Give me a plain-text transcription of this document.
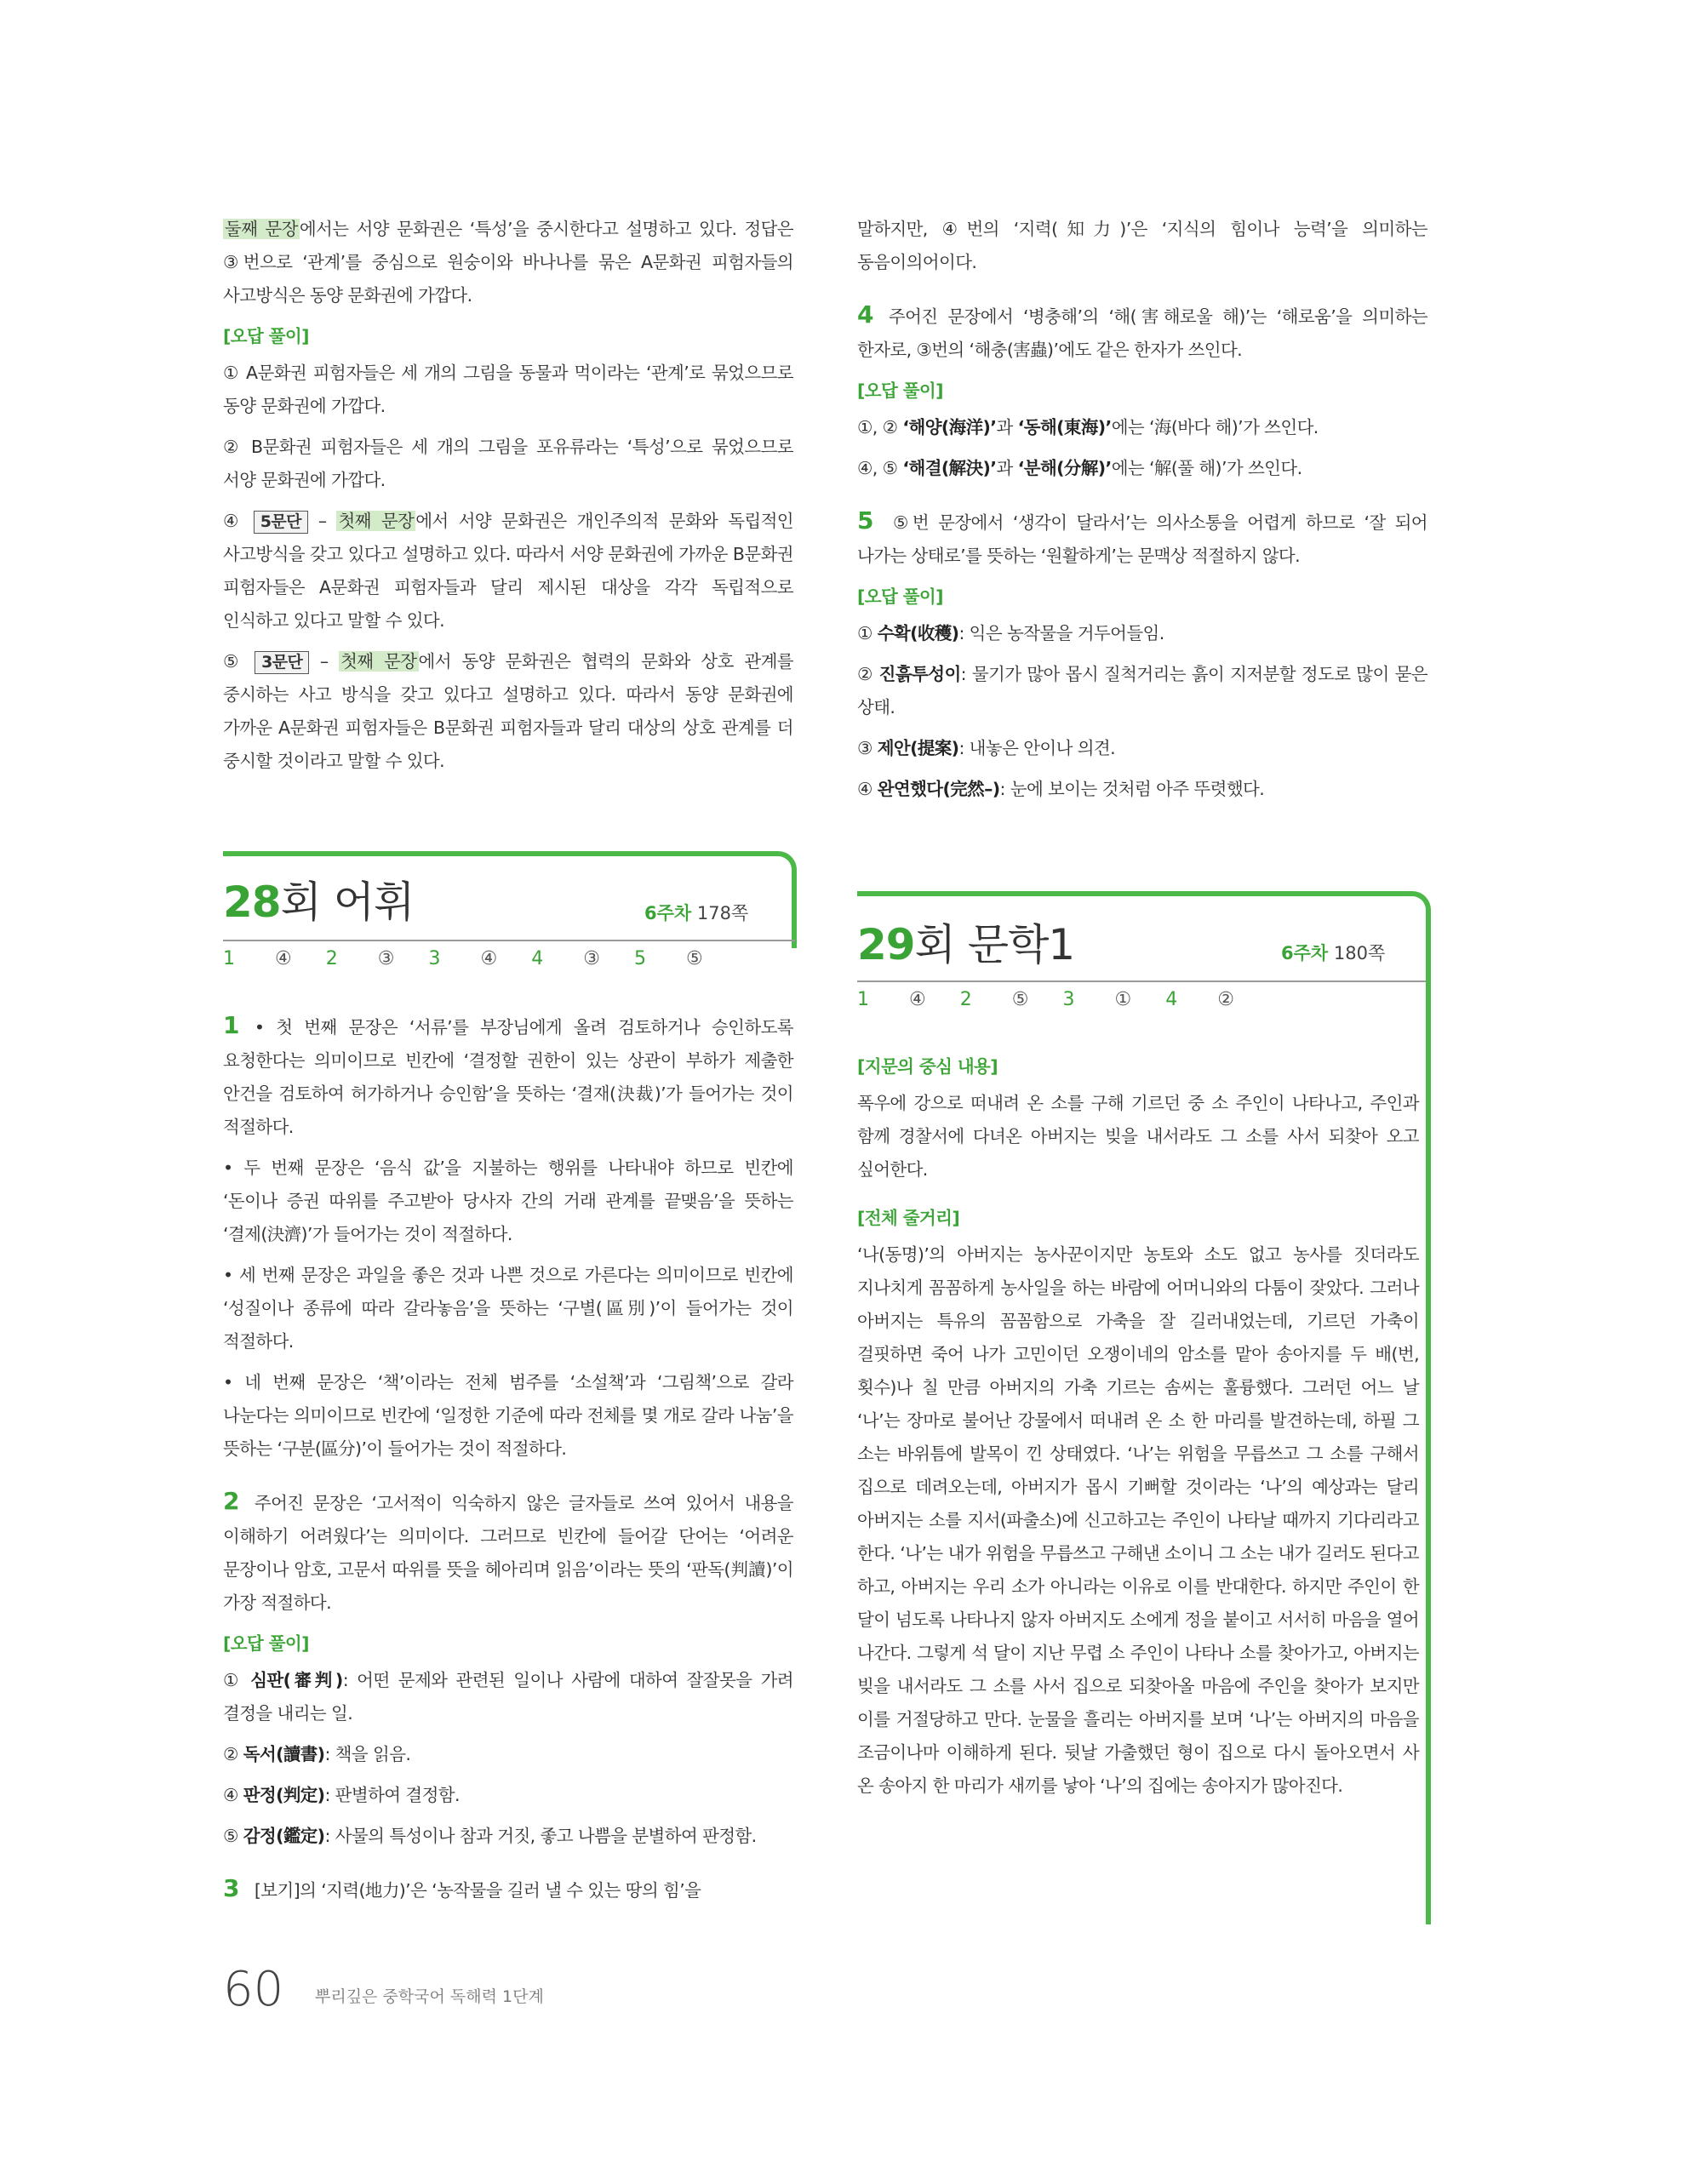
둘째 문장에서는 서양 문화권은 ‘특성’을 중시한다고 설명하고 있다. 정답은 ③번으로 ‘관계’를 중심으로 원숭이와 바나나를 묶은 A문화권 피험자들의 사고방식은 동양 문화권에 가깝다.

[오답 풀이]

① A문화권 피험자들은 세 개의 그림을 동물과 먹이라는 ‘관계’로 묶었으므로 동양 문화권에 가깝다.

② B문화권 피험자들은 세 개의 그림을 포유류라는 ‘특성’으로 묶었으므로 서양 문화권에 가깝다.

④ 5문단 – 첫째 문장에서 서양 문화권은 개인주의적 문화와 독립적인 사고방식을 갖고 있다고 설명하고 있다. 따라서 서양 문화권에 가까운 B문화권 피험자들은 A문화권 피험자들과 달리 제시된 대상을 각각 독립적으로 인식하고 있다고 말할 수 있다.

⑤ 3문단 – 첫째 문장에서 동양 문화권은 협력의 문화와 상호 관계를 중시하는 사고 방식을 갖고 있다고 설명하고 있다. 따라서 동양 문화권에 가까운 A문화권 피험자들은 B문화권 피험자들과 달리 대상의 상호 관계를 더 중시할 것이라고 말할 수 있다.

말하지만, ④번의 ‘지력(知力)’은 ‘지식의 힘이나 능력’을 의미하는 동음이의어이다.

4 주어진 문장에서 ‘병충해’의 ‘해(害해로울 해)’는 ‘해로움’을 의미하는 한자로, ③번의 ‘해충(害蟲)’에도 같은 한자가 쓰인다.

[오답 풀이]

①, ② ‘해양(海洋)’과 ‘동해(東海)’에는 ‘海(바다 해)’가 쓰인다.

④, ⑤ ‘해결(解決)’과 ‘분해(分解)’에는 ‘解(풀 해)’가 쓰인다.

5 ⑤번 문장에서 ‘생각이 달라서’는 의사소통을 어렵게 하므로 ‘잘 되어 나가는 상태로’를 뜻하는 ‘원활하게’는 문맥상 적절하지 않다.

[오답 풀이]

① 수확(收穫): 익은 농작물을 거두어들임.

② 진흙투성이: 물기가 많아 몹시 질척거리는 흙이 지저분할 정도로 많이 묻은 상태.

③ 제안(提案): 내놓은 안이나 의견.

④ 완연했다(完然–): 눈에 보이는 것처럼 아주 뚜렷했다.

28회 어휘	6주차 178쪽
1 ④ 2 ③ 3 ④ 4 ③ 5 ⑤	29회 문학1	6주차 180쪽
1 ④ 2 ⑤ 3 ① 4 ②

1 • 첫 번째 문장은 ‘서류’를 부장님에게 올려 검토하거나 승인하도록 요청한다는 의미이므로 빈칸에 ‘결정할 권한이 있는 상관이 부하가 제출한 안건을 검토하여 허가하거나 승인함’을 뜻하는 ‘결재(決裁)’가 들어가는 것이 적절하다.

• 두 번째 문장은 ‘음식 값’을 지불하는 행위를 나타내야 하므로 빈칸에 ‘돈이나 증권 따위를 주고받아 당사자 간의 거래 관계를 끝맺음’을 뜻하는 ‘결제(決濟)’가 들어가는 것이 적절하다.

• 세 번째 문장은 과일을 좋은 것과 나쁜 것으로 가른다는 의미이므로 빈칸에 ‘성질이나 종류에 따라 갈라놓음’을 뜻하는 ‘구별(區別)’이 들어가는 것이 적절하다.

• 네 번째 문장은 ‘책’이라는 전체 범주를 ‘소설책’과 ‘그림책’으로 갈라 나눈다는 의미이므로 빈칸에 ‘일정한 기준에 따라 전체를 몇 개로 갈라 나눔’을 뜻하는 ‘구분(區分)’이 들어가는 것이 적절하다.

2 주어진 문장은 ‘고서적이 익숙하지 않은 글자들로 쓰여 있어서 내용을 이해하기 어려웠다’는 의미이다. 그러므로 빈칸에 들어갈 단어는 ‘어려운 문장이나 암호, 고문서 따위를 뜻을 헤아리며 읽음’이라는 뜻의 ‘판독(判讀)’이 가장 적절하다.

[오답 풀이]

① 심판(審判): 어떤 문제와 관련된 일이나 사람에 대하여 잘잘못을 가려 결정을 내리는 일.

② 독서(讀書): 책을 읽음.

④ 판정(判定): 판별하여 결정함.

⑤ 감정(鑑定): 사물의 특성이나 참과 거짓, 좋고 나쁨을 분별하여 판정함.

3 [보기]의 ‘지력(地力)’은 ‘농작물을 길러 낼 수 있는 땅의 힘’을

[지문의 중심 내용]

폭우에 강으로 떠내려 온 소를 구해 기르던 중 소 주인이 나타나고, 주인과 함께 경찰서에 다녀온 아버지는 빚을 내서라도 그 소를 사서 되찾아 오고 싶어한다.

[전체 줄거리]

‘나(동명)’의 아버지는 농사꾼이지만 농토와 소도 없고 농사를 짓더라도 지나치게 꼼꼼하게 농사일을 하는 바람에 어머니와의 다툼이 잦았다. 그러나 아버지는 특유의 꼼꼼함으로 가축을 잘 길러내었는데, 기르던 가축이 걸핏하면 죽어 나가 고민이던 오쟁이네의 암소를 맡아 송아지를 두 배(번, 횟수)나 칠 만큼 아버지의 가축 기르는 솜씨는 훌륭했다. 그러던 어느 날 ‘나’는 장마로 불어난 강물에서 떠내려 온 소 한 마리를 발견하는데, 하필 그 소는 바위틈에 발목이 낀 상태였다. ‘나’는 위험을 무릅쓰고 그 소를 구해서 집으로 데려오는데, 아버지가 몹시 기뻐할 것이라는 ‘나’의 예상과는 달리 아버지는 소를 지서(파출소)에 신고하고는 주인이 나타날 때까지 기다리라고 한다. ‘나’는 내가 위험을 무릅쓰고 구해낸 소이니 그 소는 내가 길러도 된다고 하고, 아버지는 우리 소가 아니라는 이유로 이를 반대한다. 하지만 주인이 한 달이 넘도록 나타나지 않자 아버지도 소에게 정을 붙이고 서서히 마음을 열어 나간다. 그렇게 석 달이 지난 무렵 소 주인이 나타나 소를 찾아가고, 아버지는 빚을 내서라도 그 소를 사서 집으로 되찾아올 마음에 주인을 찾아가 보지만 이를 거절당하고 만다. 눈물을 흘리는 아버지를 보며 ‘나’는 아버지의 마음을 조금이나마 이해하게 된다. 뒷날 가출했던 형이 집으로 다시 돌아오면서 사 온 송아지 한 마리가 새끼를 낳아 ‘나’의 집에는 송아지가 많아진다.

60 뿌리깊은 중학국어 독해력 1단계
